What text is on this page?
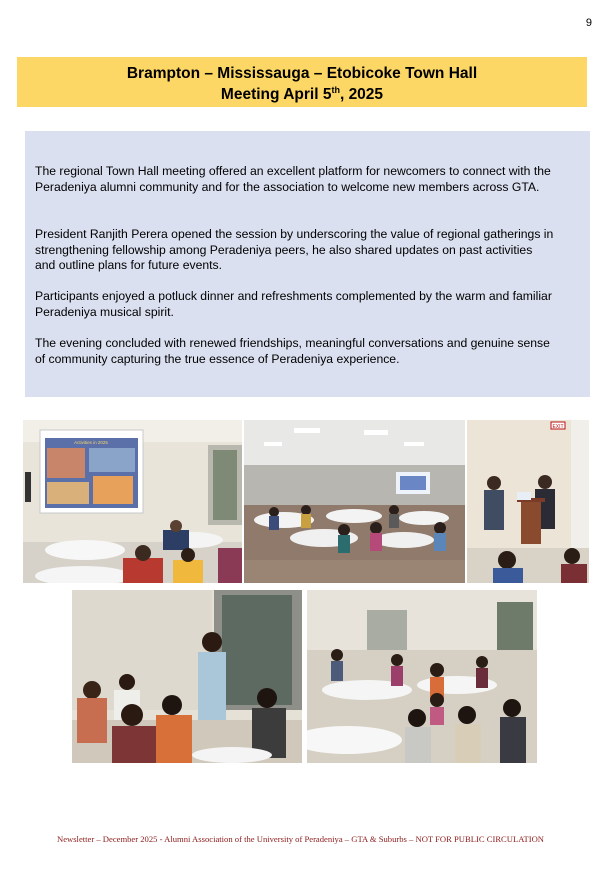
9
Brampton – Mississauga – Etobicoke Town Hall
Meeting April 5th, 2025

The regional Town Hall meeting offered an excellent platform for newcomers to connect with the Peradeniya alumni community and for the association to welcome new members across GTA.

President Ranjith Perera opened the session by underscoring the value of regional gatherings in strengthening fellowship among Peradeniya peers, he also shared updates on past activities and outline plans for future events.

Participants enjoyed a potluck dinner and refreshments complemented by the warm and familiar Peradeniya musical spirit.

The evening concluded with renewed friendships, meaningful conversations and genuine sense of community capturing the true essence of Peradeniya experience.

Activities in 2025
EXIT
Newsletter – December 2025 - Alumni Association of the University of Peradeniya – GTA & Suburbs – NOT FOR PUBLIC CIRCULATION
